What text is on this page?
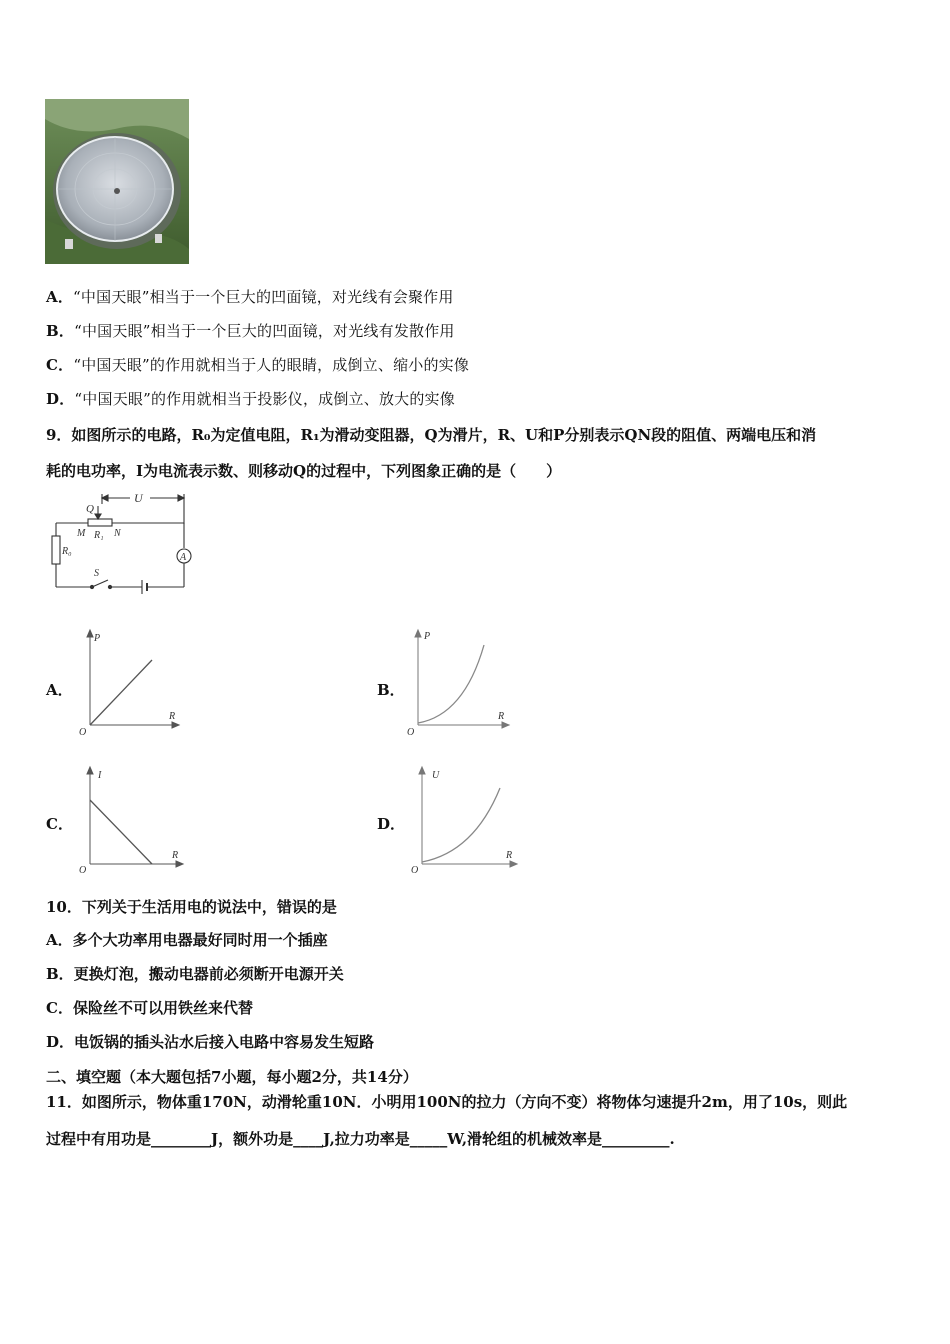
A．“中国天眼”相当于一个巨大的凹面镜，对光线有会聚作用
B．“中国天眼”相当于一个巨大的凹面镜，对光线有发散作用
C．“中国天眼”的作用就相当于人的眼睛，成倒立、缩小的实像
D．“中国天眼”的作用就相当于投影仪，成倒立、放大的实像
9．如图所示的电路，R₀为定值电阻，R₁为滑动变阻器，Q为滑片，R、U和P分别表示QN段的阻值、两端电压和消
耗的电功率，I为电流表示数、则移动Q的过程中，下列图象正确的是（　　）
U
Q
M R₁ N
R₀
A
S
A．
P
R
O
B．
P
R
O
C．
I
R
O
D．
U
R
O
10．下列关于生活用电的说法中，错误的是
A．多个大功率用电器最好同时用一个插座
B．更换灯泡，搬动电器前必须断开电源开关
C．保险丝不可以用铁丝来代替
D．电饭锅的插头沾水后接入电路中容易发生短路
二、填空题（本大题包括7小题，每小题2分，共14分）
11．如图所示，物体重170N，动滑轮重10N．小明用100N的拉力（方向不变）将物体匀速提升2m，用了10s，则此
过程中有用功是________J，额外功是____J,拉力功率是_____W,滑轮组的机械效率是_________.
